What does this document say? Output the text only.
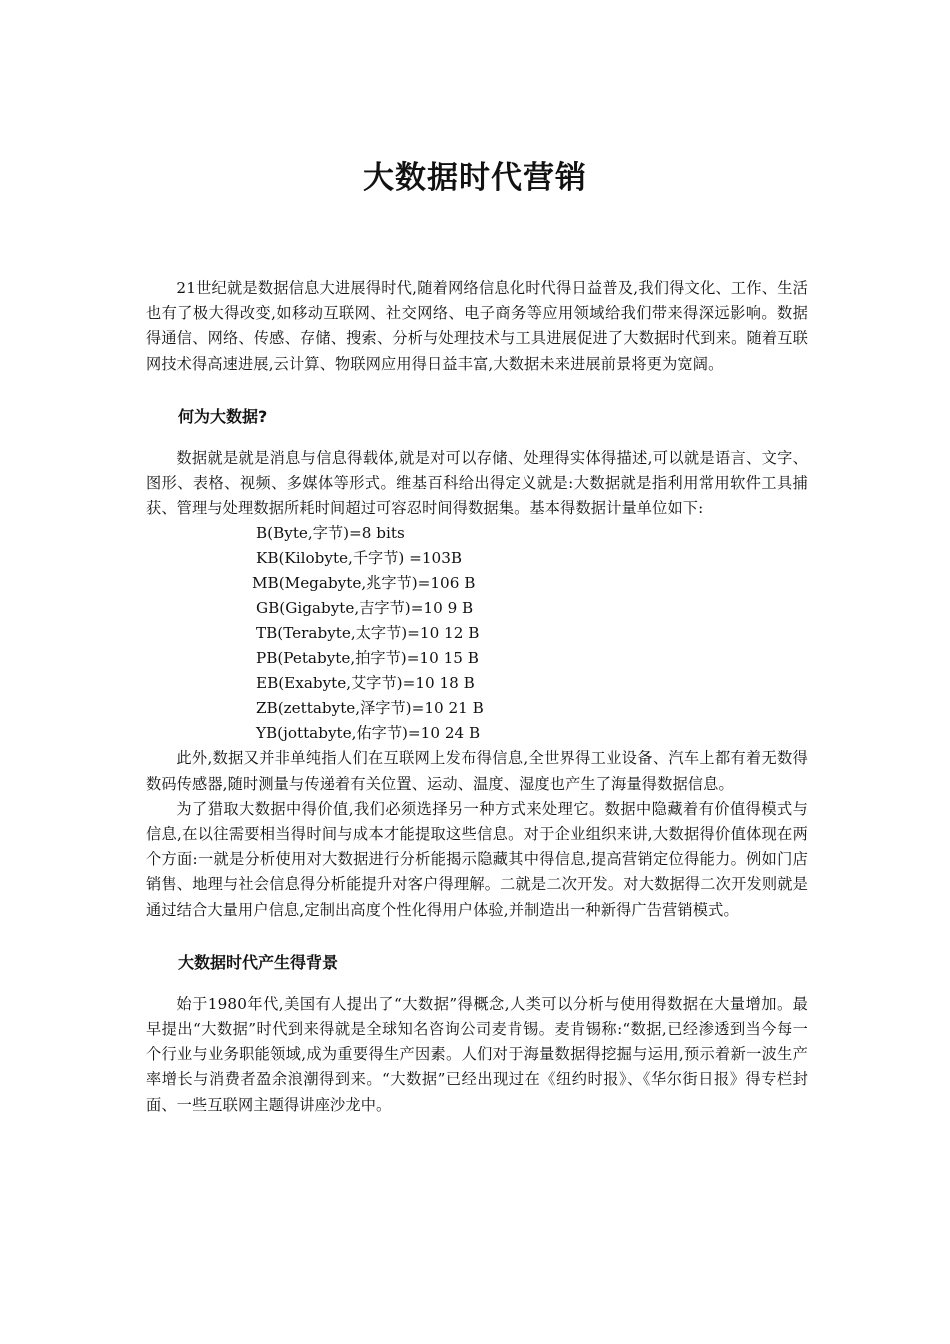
大数据时代营销

21世纪就是数据信息大进展得时代,随着网络信息化时代得日益普及,我们得文化、工作、生活也有了极大得改变,如移动互联网、社交网络、电子商务等应用领域给我们带来得深远影响。数据得通信、网络、传感、存储、搜索、分析与处理技术与工具进展促进了大数据时代到来。随着互联网技术得高速进展,云计算、物联网应用得日益丰富,大数据未来进展前景将更为宽阔。

何为大数据?

数据就是就是消息与信息得载体,就是对可以存储、处理得实体得描述,可以就是语言、文字、图形、表格、视频、多媒体等形式。维基百科给出得定义就是:大数据就是指利用常用软件工具捕获、管理与处理数据所耗时间超过可容忍时间得数据集。基本得数据计量单位如下:

B(Byte,字节)=8 bits
KB(Kilobyte,千字节) =103B
MB(Megabyte,兆字节)=106 B
GB(Gigabyte,吉字节)=10 9 B
TB(Terabyte,太字节)=10 12 B
PB(Petabyte,拍字节)=10 15 B
EB(Exabyte,艾字节)=10 18 B
ZB(zettabyte,泽字节)=10 21 B
YB(jottabyte,佑字节)=10 24 B

此外,数据又并非单纯指人们在互联网上发布得信息,全世界得工业设备、汽车上都有着无数得数码传感器,随时测量与传递着有关位置、运动、温度、湿度也产生了海量得数据信息。

为了猎取大数据中得价值,我们必须选择另一种方式来处理它。数据中隐藏着有价值得模式与信息,在以往需要相当得时间与成本才能提取这些信息。对于企业组织来讲,大数据得价值体现在两个方面:一就是分析使用对大数据进行分析能揭示隐藏其中得信息,提高营销定位得能力。例如门店销售、地理与社会信息得分析能提升对客户得理解。二就是二次开发。对大数据得二次开发则就是通过结合大量用户信息,定制出高度个性化得用户体验,并制造出一种新得广告营销模式。

大数据时代产生得背景

始于1980年代,美国有人提出了“大数据”得概念,人类可以分析与使用得数据在大量增加。最早提出“大数据”时代到来得就是全球知名咨询公司麦肯锡。麦肯锡称:“数据,已经渗透到当今每一个行业与业务职能领域,成为重要得生产因素。人们对于海量数据得挖掘与运用,预示着新一波生产率增长与消费者盈余浪潮得到来。“大数据”已经出现过在《纽约时报》、《华尔街日报》得专栏封面、一些互联网主题得讲座沙龙中。
